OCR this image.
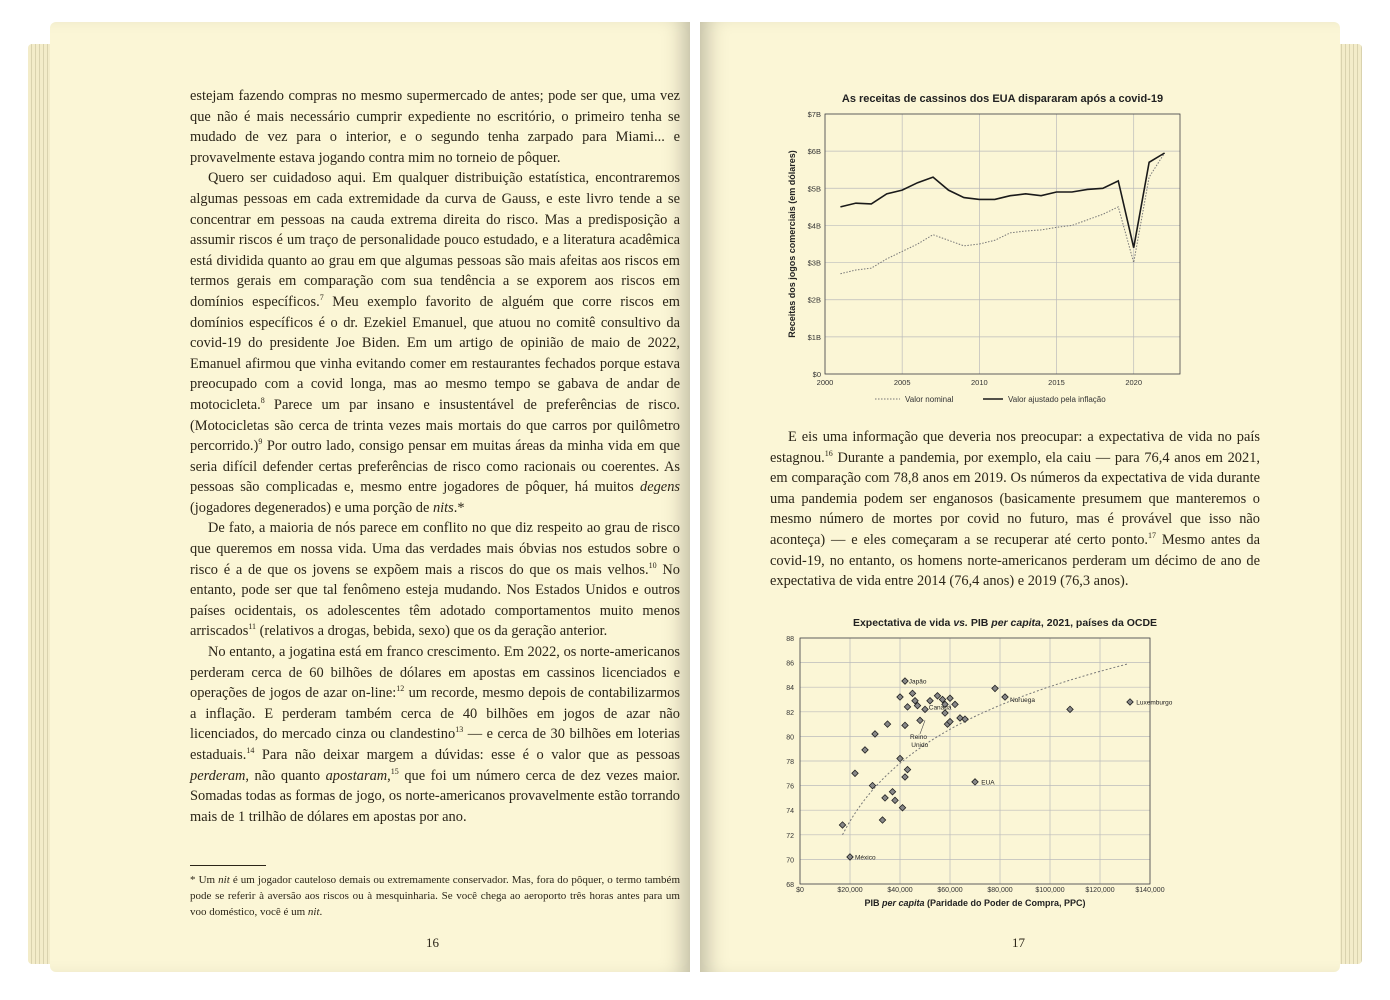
estejam fazendo compras no mesmo supermercado de antes; pode ser que, uma vez que não é mais necessário cumprir expediente no escritório, o primeiro tenha se mudado de vez para o interior, e o segundo tenha zarpado para Miami... e provavelmente estava jogando contra mim no torneio de pôquer.

Quero ser cuidadoso aqui. Em qualquer distribuição estatística, encontraremos algumas pessoas em cada extremidade da curva de Gauss, e este livro tende a se concentrar em pessoas na cauda extrema direita do risco. Mas a predisposição a assumir riscos é um traço de personalidade pouco estudado, e a literatura acadêmica está dividida quanto ao grau em que algumas pessoas são mais afeitas aos riscos em termos gerais em comparação com sua tendência a se exporem aos riscos em domínios específicos.$^7$ Meu exemplo favorito de alguém que corre riscos em domínios específicos é o dr. Ezekiel Emanuel, que atuou no comitê consultivo da covid-19 do presidente Joe Biden. Em um artigo de opinião de maio de 2022, Emanuel afirmou que vinha evitando comer em restaurantes fechados porque estava preocupado com a covid longa, mas ao mesmo tempo se gabava de andar de motocicleta.$^8$ Parece um par insano e insustentável de preferências de risco. (Motocicletas são cerca de trinta vezes mais mortais do que carros por quilômetro percorrido.)$^9$ Por outro lado, consigo pensar em muitas áreas da minha vida em que seria difícil defender certas preferências de risco como racionais ou coerentes. As pessoas são complicadas e, mesmo entre jogadores de pôquer, há muitos degens (jogadores degenerados) e uma porção de nits.*

De fato, a maioria de nós parece em conflito no que diz respeito ao grau de risco que queremos em nossa vida. Uma das verdades mais óbvias nos estudos sobre o risco é a de que os jovens se expõem mais a riscos do que os mais velhos.$^{10}$ No entanto, pode ser que tal fenômeno esteja mudando. Nos Estados Unidos e outros países ocidentais, os adolescentes têm adotado comportamentos muito menos arriscados$^{11}$ (relativos a drogas, bebida, sexo) que os da geração anterior.

No entanto, a jogatina está em franco crescimento. Em 2022, os norte-americanos perderam cerca de 60 bilhões de dólares em apostas em cassinos licenciados e operações de jogos de azar on-line:$^{12}$ um recorde, mesmo depois de contabilizarmos a inflação. E perderam também cerca de 40 bilhões em jogos de azar não licenciados, do mercado cinza ou clandestino$^{13}$ — e cerca de 30 bilhões em loterias estaduais.$^{14}$ Para não deixar margem a dúvidas: esse é o valor que as pessoas perderam, não quanto apostaram,$^{15}$ que foi um número cerca de dez vezes maior. Somadas todas as formas de jogo, os norte-americanos provavelmente estão torrando mais de 1 trilhão de dólares em apostas por ano.

* Um nit é um jogador cauteloso demais ou extremamente conservador. Mas, fora do pôquer, o termo também pode se referir à aversão aos riscos ou à mesquinharia. Se você chega ao aeroporto três horas antes para um voo doméstico, você é um nit.
16
As receitas de cassinos dos EUA dispararam após a covid-19
$0
$1B
$2B
$3B
$4B
$5B
$6B
$7B
2000	2005	2010	2015	2020
Receitas dos jogos comerciais (em dólares)
Valor nominal	Valor ajustado pela inflação

E eis uma informação que deveria nos preocupar: a expectativa de vida no país estagnou.$^{16}$ Durante a pandemia, por exemplo, ela caiu — para 76,4 anos em 2021, em comparação com 78,8 anos em 2019. Os números da expectativa de vida durante uma pandemia podem ser enganosos (basicamente presumem que manteremos o mesmo número de mortes por covid no futuro, mas é provável que isso não aconteça) — e eles começaram a se recuperar até certo ponto.$^{17}$ Mesmo antes da covid-19, no entanto, os homens norte-americanos perderam um décimo de ano de expectativa de vida entre 2014 (76,4 anos) e 2019 (76,3 anos).

Expectativa de vida vs. PIB per capita, 2021, países da OCDE
68
70
72
74
76
78
80
82
84
86
88
$0	$20,000	$40,000	$60,000	$80,000	$100,000	$120,000	$140,000
Japão
Canadá
Noruega	Luxemburgo
EUA
México
Reino
Unido
PIB per capita (Paridade do Poder de Compra, PPC)
17
